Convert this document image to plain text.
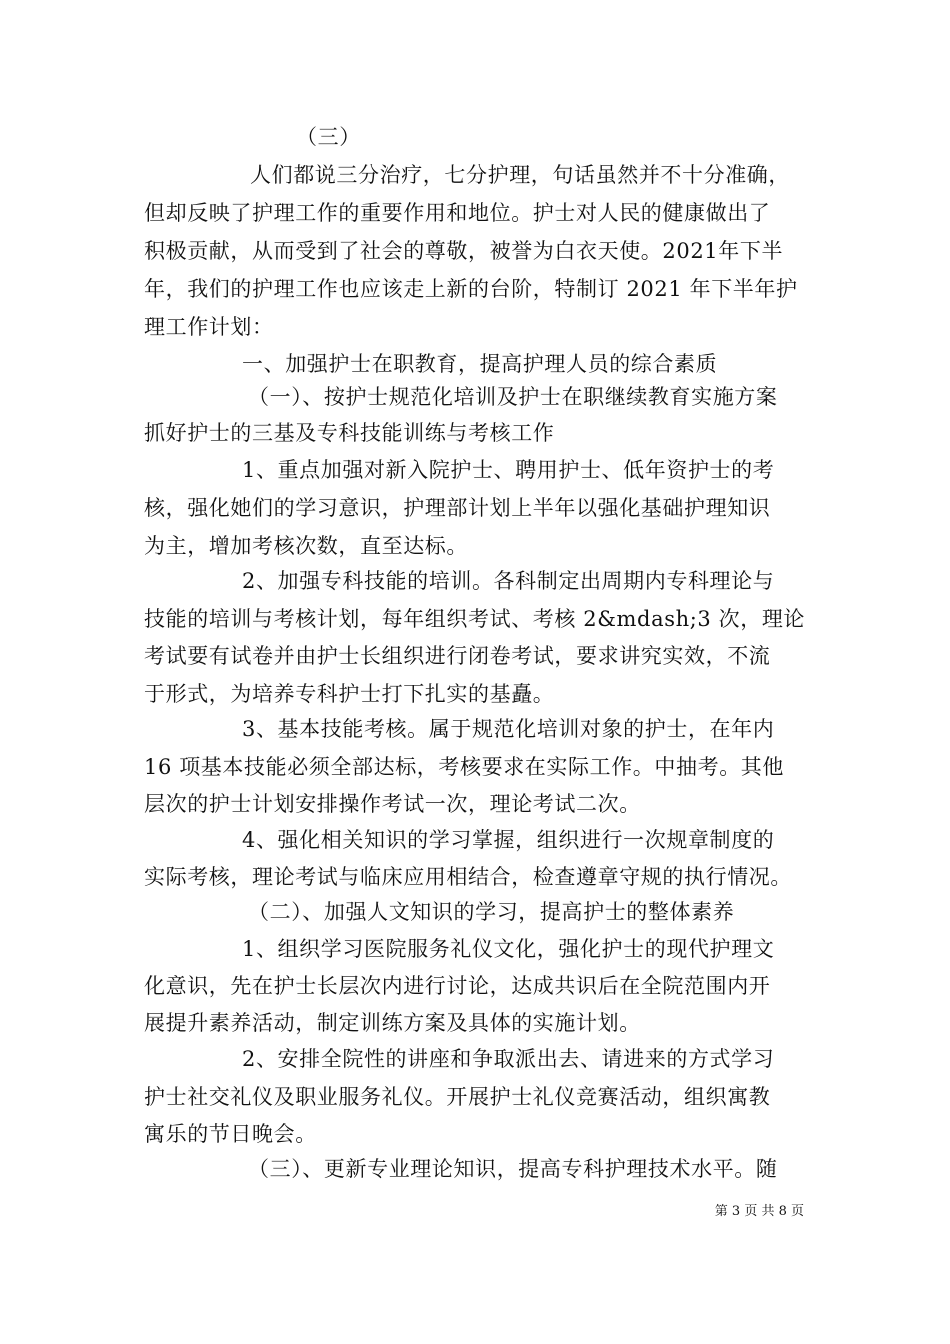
（三）
人们都说三分治疗，七分护理，句话虽然并不十分准确，
但却反映了护理工作的重要作用和地位。护士对人民的健康做出了
积极贡献，从而受到了社会的尊敬，被誉为白衣天使。2021年下半
年，我们的护理工作也应该走上新的台阶，特制订 2021 年下半年护
理工作计划：
一、加强护士在职教育，提高护理人员的综合素质
（一）、按护士规范化培训及护士在职继续教育实施方案
抓好护士的三基及专科技能训练与考核工作
1、重点加强对新入院护士、聘用护士、低年资护士的考
核，强化她们的学习意识，护理部计划上半年以强化基础护理知识
为主，增加考核次数，直至达标。
2、加强专科技能的培训。各科制定出周期内专科理论与
技能的培训与考核计划，每年组织考试、考核 2&mdash;3 次，理论
考试要有试卷并由护士长组织进行闭卷考试，要求讲究实效，不流
于形式，为培养专科护士打下扎实的基矗。
3、基本技能考核。属于规范化培训对象的护士，在年内
16 项基本技能必须全部达标，考核要求在实际工作。中抽考。其他
层次的护士计划安排操作考试一次，理论考试二次。
4、强化相关知识的学习掌握，组织进行一次规章制度的
实际考核，理论考试与临床应用相结合，检查遵章守规的执行情况。
（二）、加强人文知识的学习，提高护士的整体素养
1、组织学习医院服务礼仪文化，强化护士的现代护理文
化意识，先在护士长层次内进行讨论，达成共识后在全院范围内开
展提升素养活动，制定训练方案及具体的实施计划。
2、安排全院性的讲座和争取派出去、请进来的方式学习
护士社交礼仪及职业服务礼仪。开展护士礼仪竞赛活动，组织寓教
寓乐的节日晚会。
（三）、更新专业理论知识，提高专科护理技术水平。随
第 3 页 共 8 页
